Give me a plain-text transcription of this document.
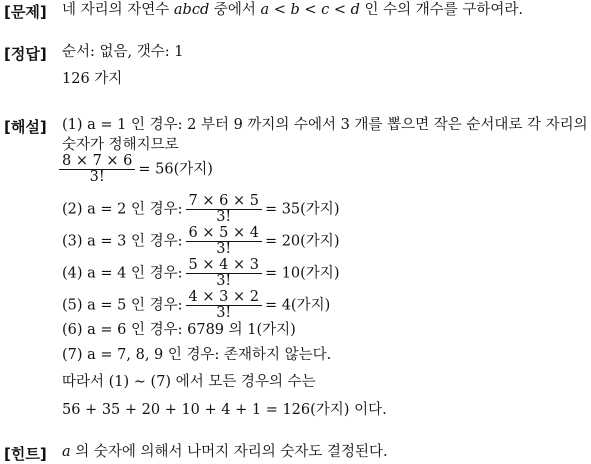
[문제] 네 자리의 자연수 abcd 중에서 a < b < c < d 인 수의 개수를 구하여라.
[정답] 순서: 없음, 갯수: 1
126 가지
[해설] (1) a = 1 인 경우: 2 부터 9 까지의 수에서 3 개를 뽑으면 작은 순서대로 각 자리의
숫자가 정해지므로
$\frac{8 \times 7 \times 6}{3!} = 56$(가지)
(2) a = 2 인 경우: $\frac{7 \times 6 \times 5}{3!} = 35$(가지)
(3) a = 3 인 경우: $\frac{6 \times 5 \times 4}{3!} = 20$(가지)
(4) a = 4 인 경우: $\frac{5 \times 4 \times 3}{3!} = 10$(가지)
(5) a = 5 인 경우: $\frac{4 \times 3 \times 2}{3!} = 4$(가지)
(6) a = 6 인 경우: 6789 의 1(가지)
(7) a = 7, 8, 9 인 경우: 존재하지 않는다.
따라서 (1) ∼ (7) 에서 모든 경우의 수는
56 + 35 + 20 + 10 + 4 + 1 = 126(가지) 이다.
[힌트] a 의 숫자에 의해서 나머지 자리의 숫자도 결정된다.
